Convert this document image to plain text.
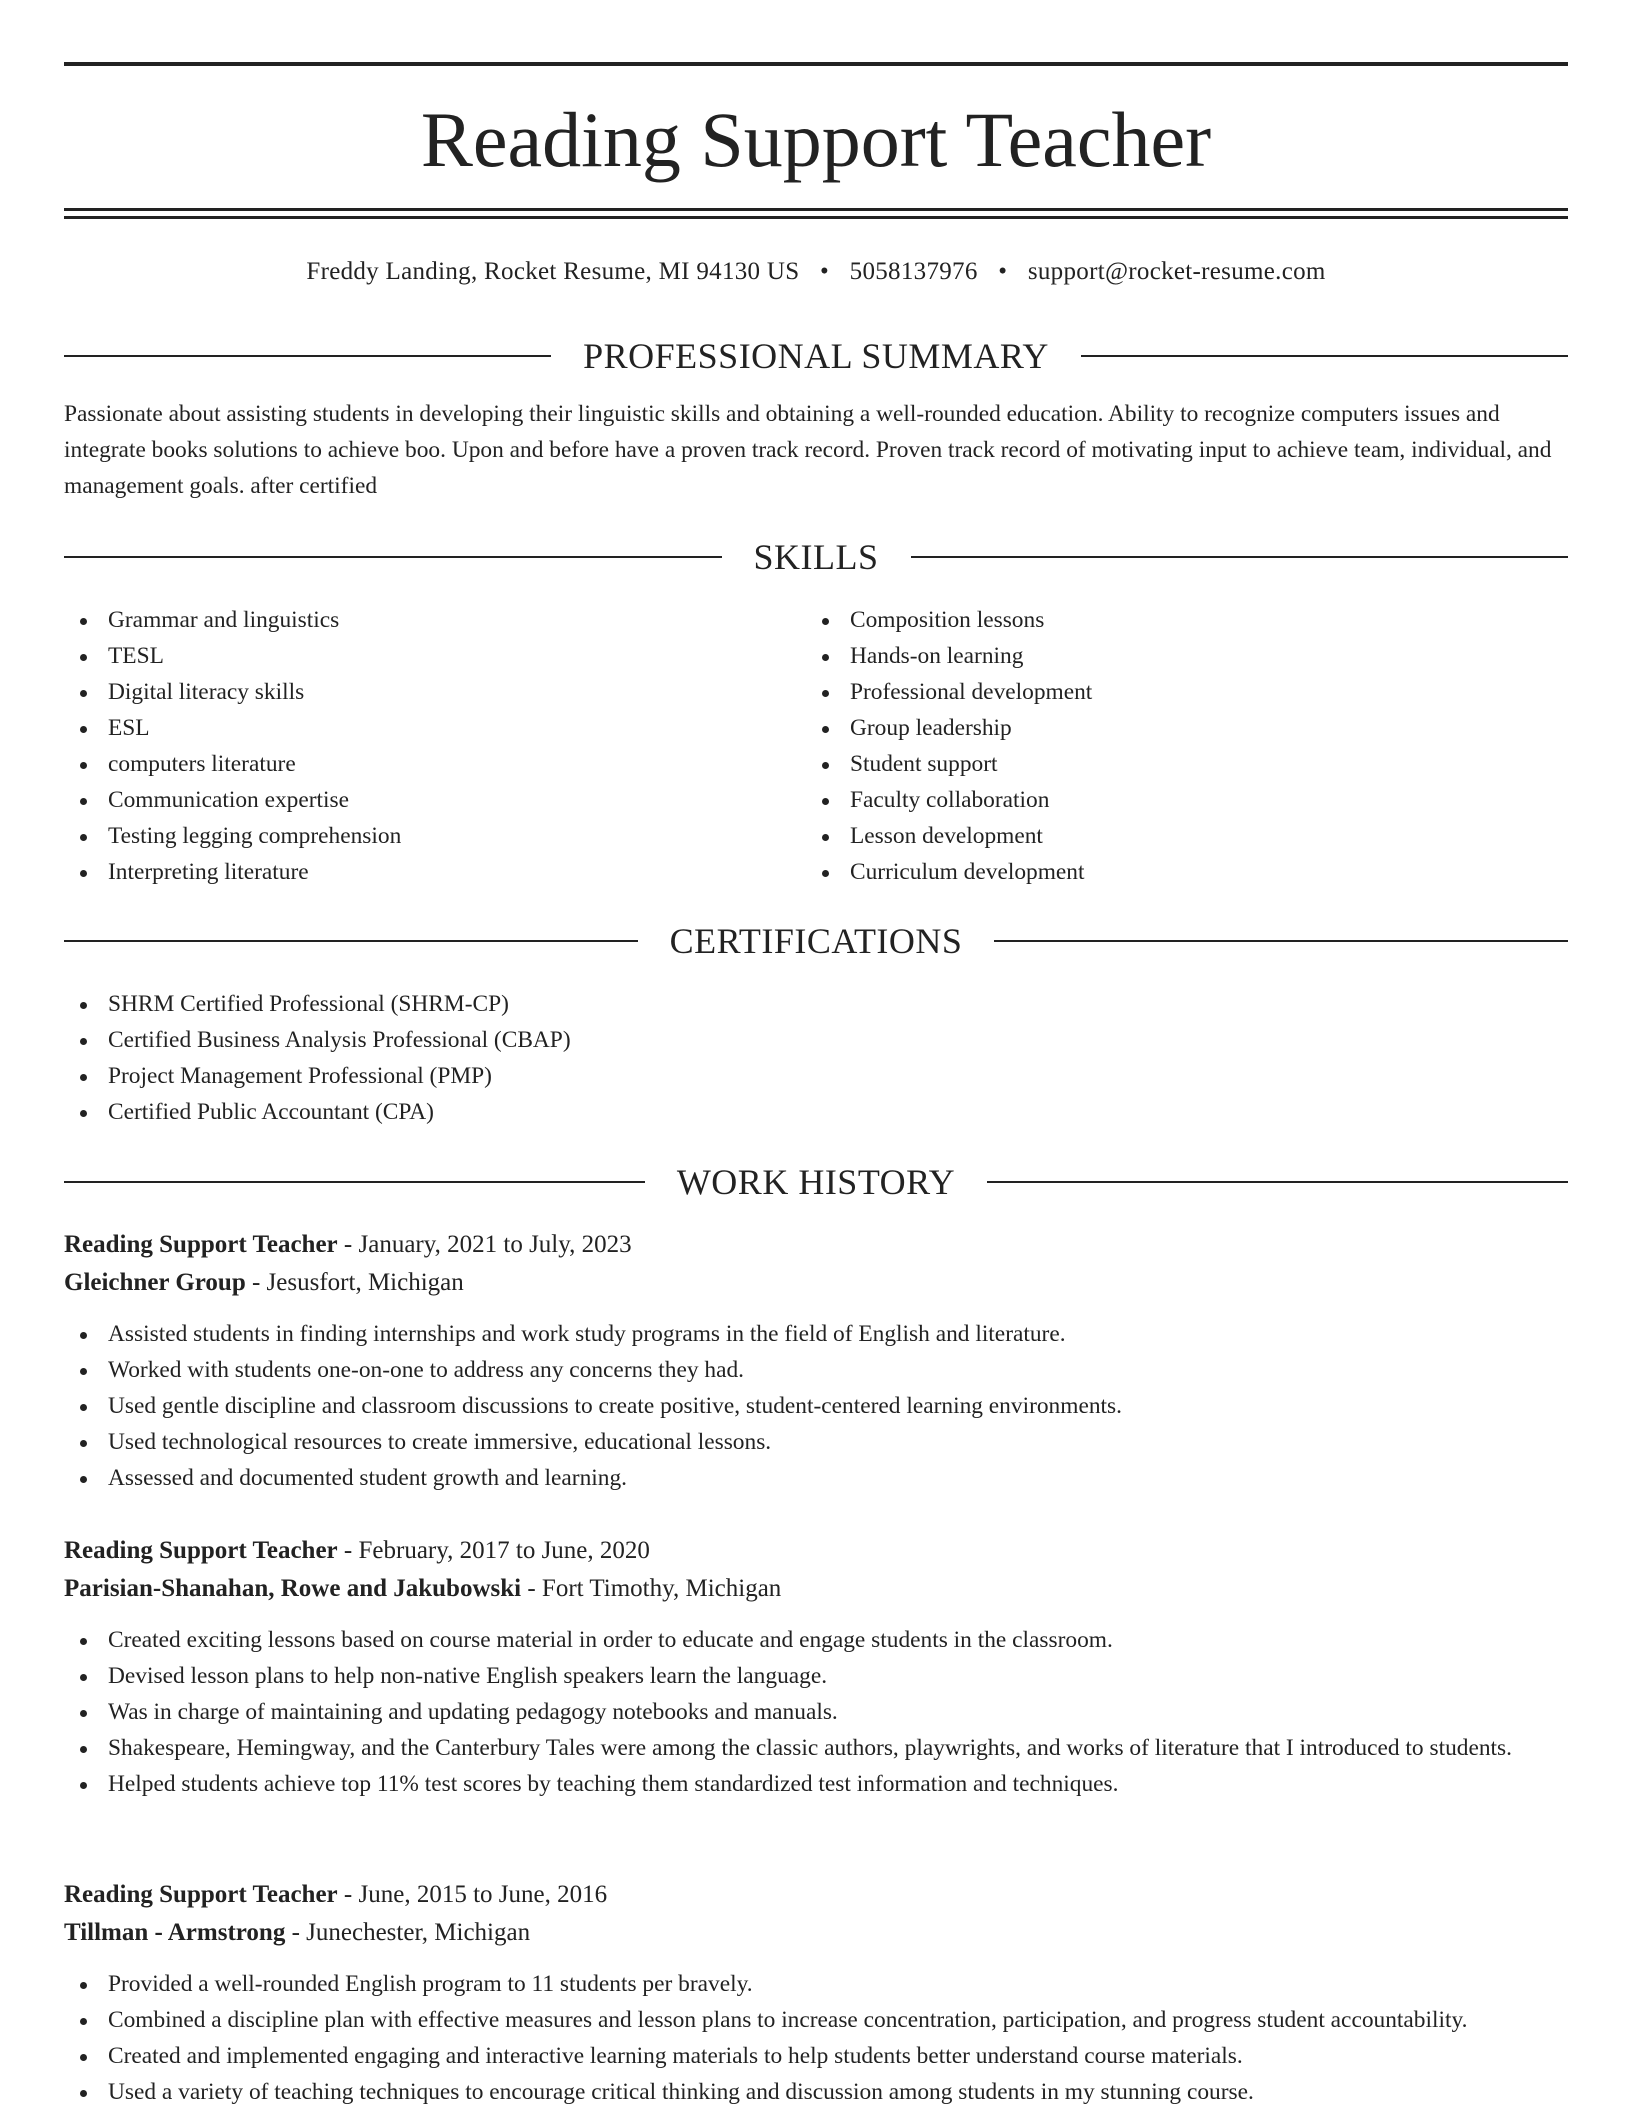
Reading Support Teacher
Freddy Landing, Rocket Resume, MI 94130 US • 5058137976 • support@rocket-resume.com
PROFESSIONAL SUMMARY

Passionate about assisting students in developing their linguistic skills and obtaining a well-rounded education. Ability to recognize computers issues and integrate books solutions to achieve boo. Upon and before have a proven track record. Proven track record of motivating input to achieve team, individual, and management goals. after certified

SKILLS
Grammar and linguistics
TESL
Digital literacy skills
ESL
computers literature
Communication expertise
Testing legging comprehension
Interpreting literature
Composition lessons
Hands-on learning
Professional development
Group leadership
Student support
Faculty collaboration
Lesson development
Curriculum development
CERTIFICATIONS
SHRM Certified Professional (SHRM-CP)
Certified Business Analysis Professional (CBAP)
Project Management Professional (PMP)
Certified Public Accountant (CPA)
WORK HISTORY
Reading Support Teacher - January, 2021 to July, 2023
Gleichner Group - Jesusfort, Michigan
Assisted students in finding internships and work study programs in the field of English and literature.
Worked with students one-on-one to address any concerns they had.
Used gentle discipline and classroom discussions to create positive, student-centered learning environments.
Used technological resources to create immersive, educational lessons.
Assessed and documented student growth and learning.
Reading Support Teacher - February, 2017 to June, 2020
Parisian-Shanahan, Rowe and Jakubowski - Fort Timothy, Michigan
Created exciting lessons based on course material in order to educate and engage students in the classroom.
Devised lesson plans to help non-native English speakers learn the language.
Was in charge of maintaining and updating pedagogy notebooks and manuals.
Shakespeare, Hemingway, and the Canterbury Tales were among the classic authors, playwrights, and works of literature that I introduced to students.
Helped students achieve top 11% test scores by teaching them standardized test information and techniques.
Reading Support Teacher - June, 2015 to June, 2016
Tillman - Armstrong - Junechester, Michigan
Provided a well-rounded English program to 11 students per bravely.
Combined a discipline plan with effective measures and lesson plans to increase concentration, participation, and progress student accountability.
Created and implemented engaging and interactive learning materials to help students better understand course materials.
Used a variety of teaching techniques to encourage critical thinking and discussion among students in my stunning course.
